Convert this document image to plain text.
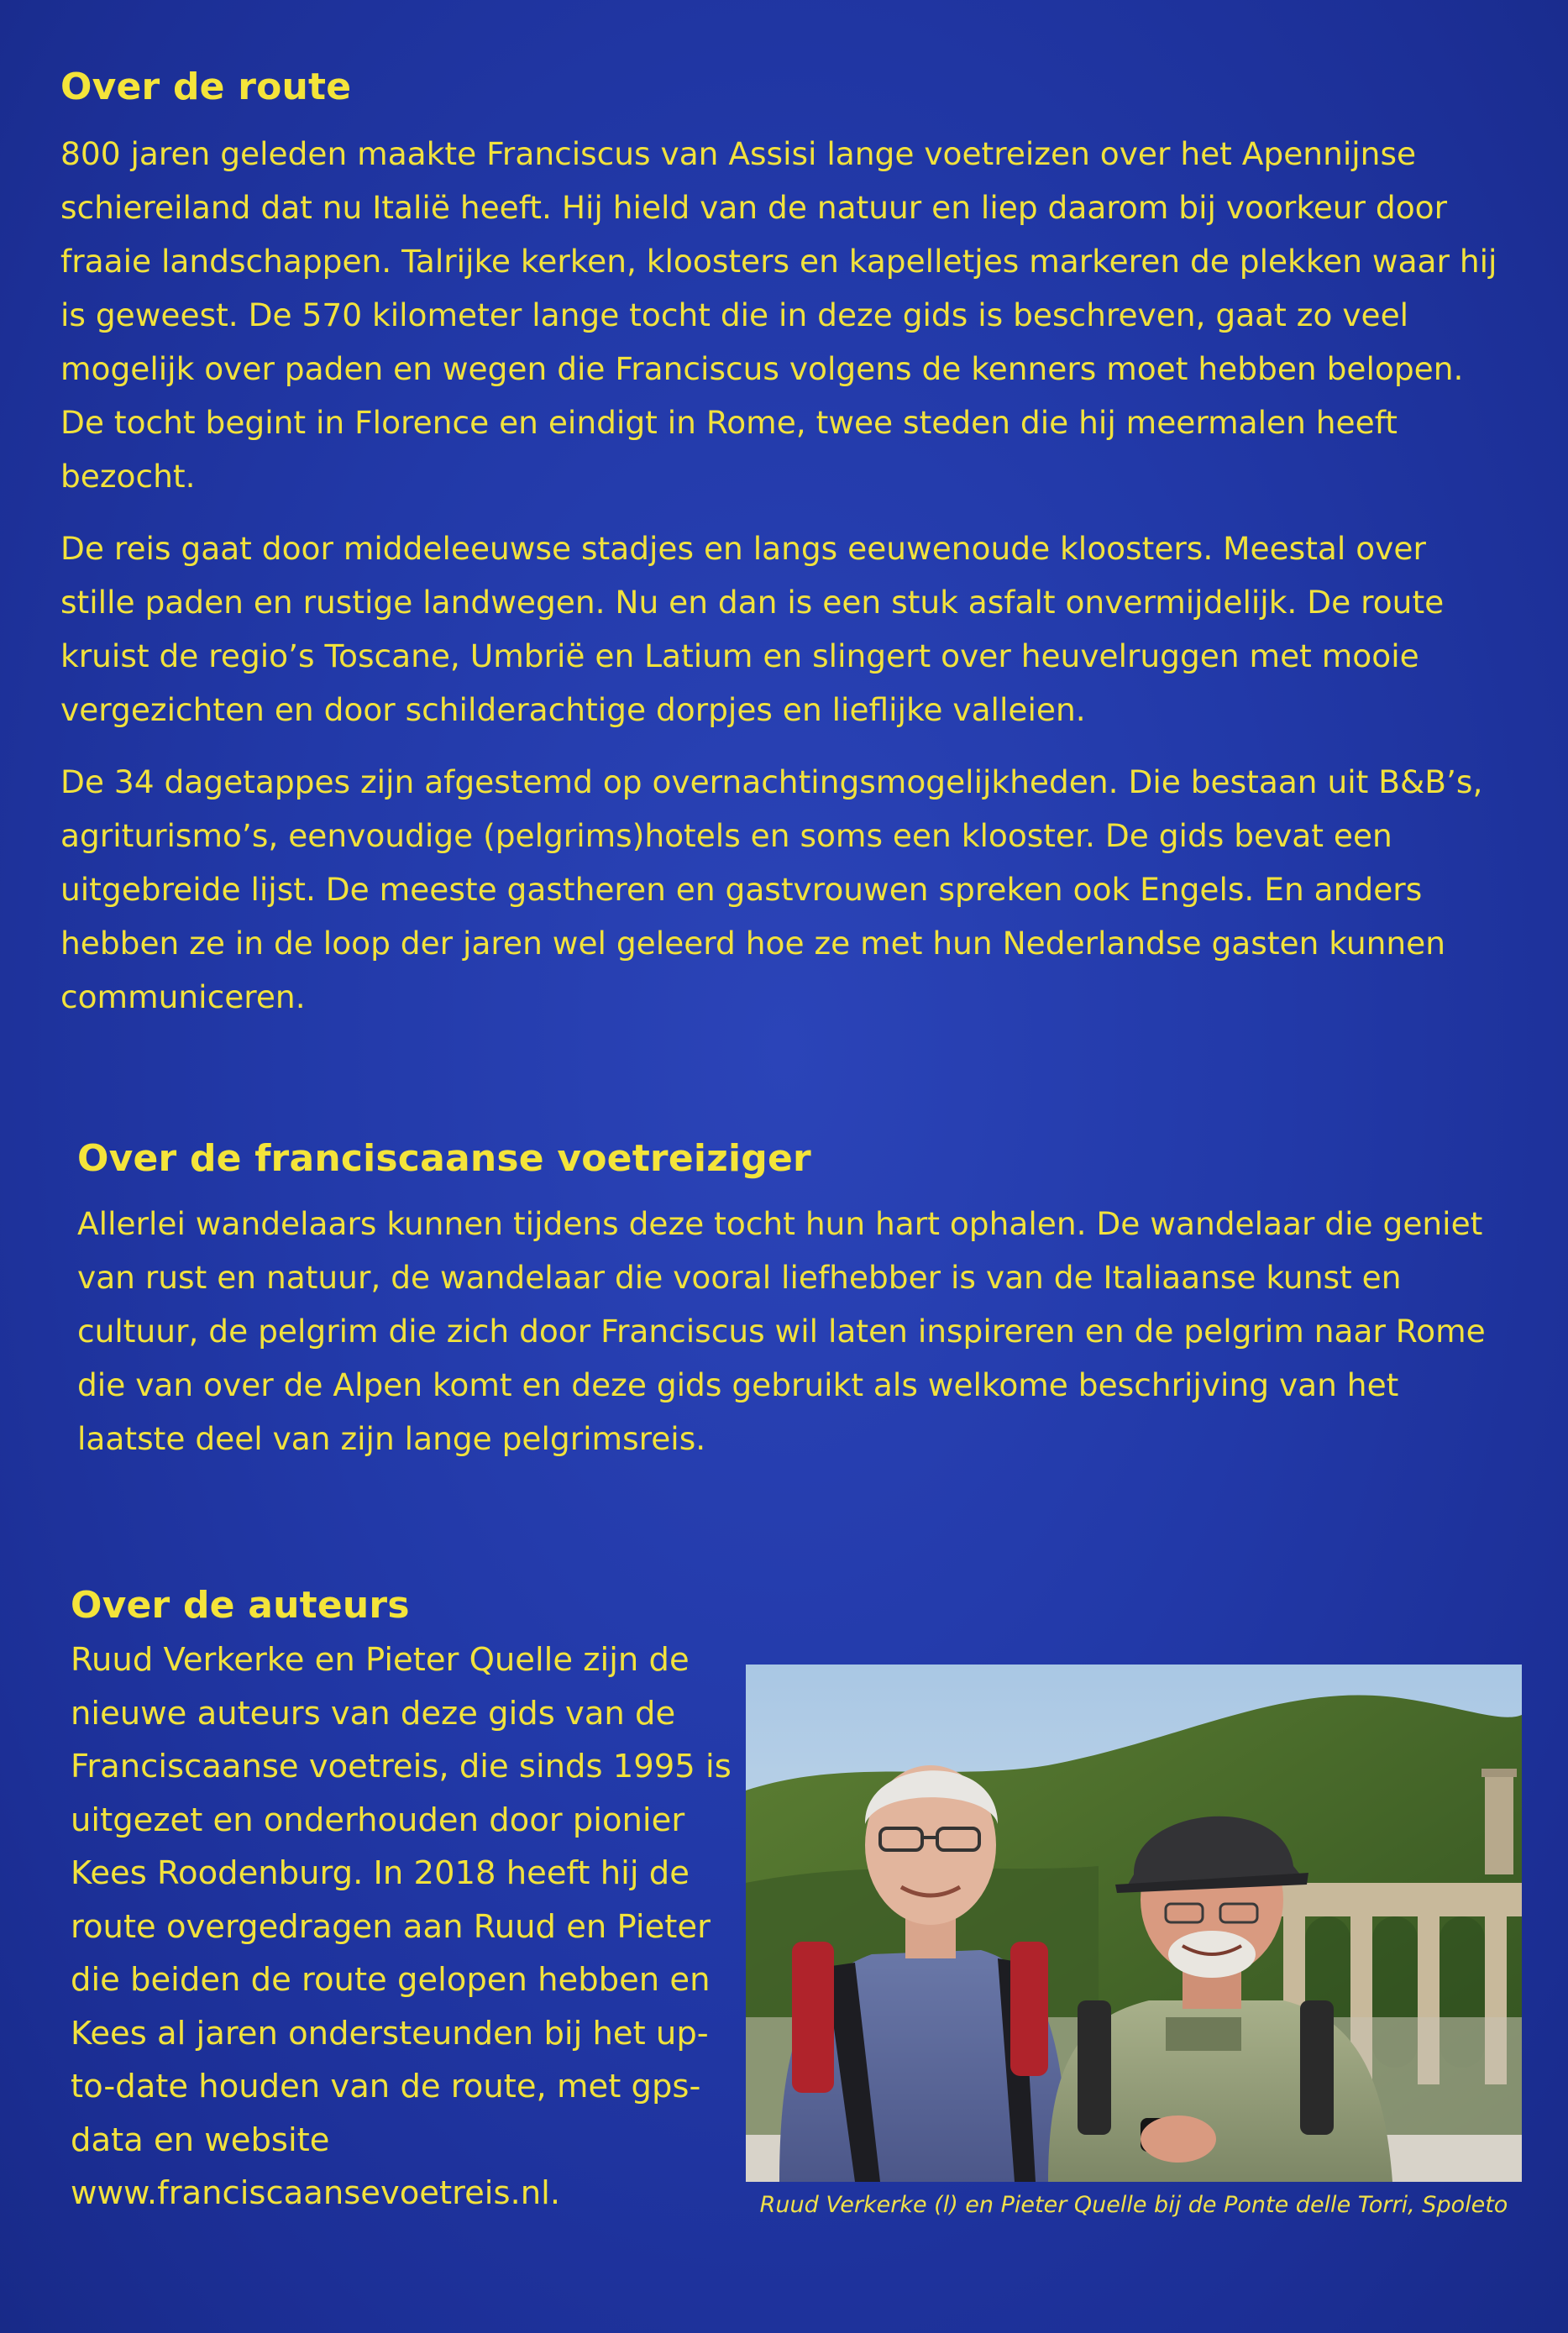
Over de route

800 jaren geleden maakte Franciscus van Assisi lange voetreizen over het Apennijnse schiereiland dat nu Italië heeft. Hij hield van de natuur en liep daarom bij voorkeur door fraaie landschappen. Talrijke kerken, kloosters en kapelletjes markeren de plekken waar hij is geweest. De 570 kilometer lange tocht die in deze gids is beschreven, gaat zo veel mogelijk over paden en wegen die Franciscus volgens de kenners moet hebben belopen. De tocht begint in Florence en eindigt in Rome, twee steden die hij meermalen heeft bezocht.

De reis gaat door middeleeuwse stadjes en langs eeuwenoude kloosters. Meestal over stille paden en rustige landwegen. Nu en dan is een stuk asfalt onvermijdelijk. De route kruist de regio’s Toscane, Umbrië en Latium en slingert over heuvelruggen met mooie vergezichten en door schilderachtige dorpjes en lieflijke valleien.

De 34 dagetappes zijn afgestemd op overnachtingsmogelijkheden. Die bestaan uit B&B’s, agriturismo’s, eenvoudige (pelgrims)hotels en soms een klooster. De gids bevat een uitgebreide lijst. De meeste gastheren en gastvrouwen spreken ook Engels. En anders hebben ze in de loop der jaren wel geleerd hoe ze met hun Nederlandse gasten kunnen communiceren.

Over de franciscaanse voetreiziger

Allerlei wandelaars kunnen tijdens deze tocht hun hart ophalen. De wandelaar die geniet van rust en natuur, de wandelaar die vooral liefhebber is van de Italiaanse kunst en cultuur, de pelgrim die zich door Franciscus wil laten inspireren en de pelgrim naar Rome die van over de Alpen komt en deze gids gebruikt als welkome beschrijving van het laatste deel van zijn lange pelgrimsreis.

Over de auteurs

Ruud Verkerke en Pieter Quelle zijn de nieuwe auteurs van deze gids van de Franciscaanse voetreis, die sinds 1995 is uitgezet en onderhouden door pionier Kees Roodenburg. In 2018 heeft hij de route overgedragen aan Ruud en Pieter die beiden de route gelopen hebben en Kees al jaren ondersteunden bij het up-to-date houden van de route, met gps-data en website www.franciscaansevoetreis.nl.	Ruud Verkerke (l) en Pieter Quelle bij de Ponte delle Torri, Spoleto
